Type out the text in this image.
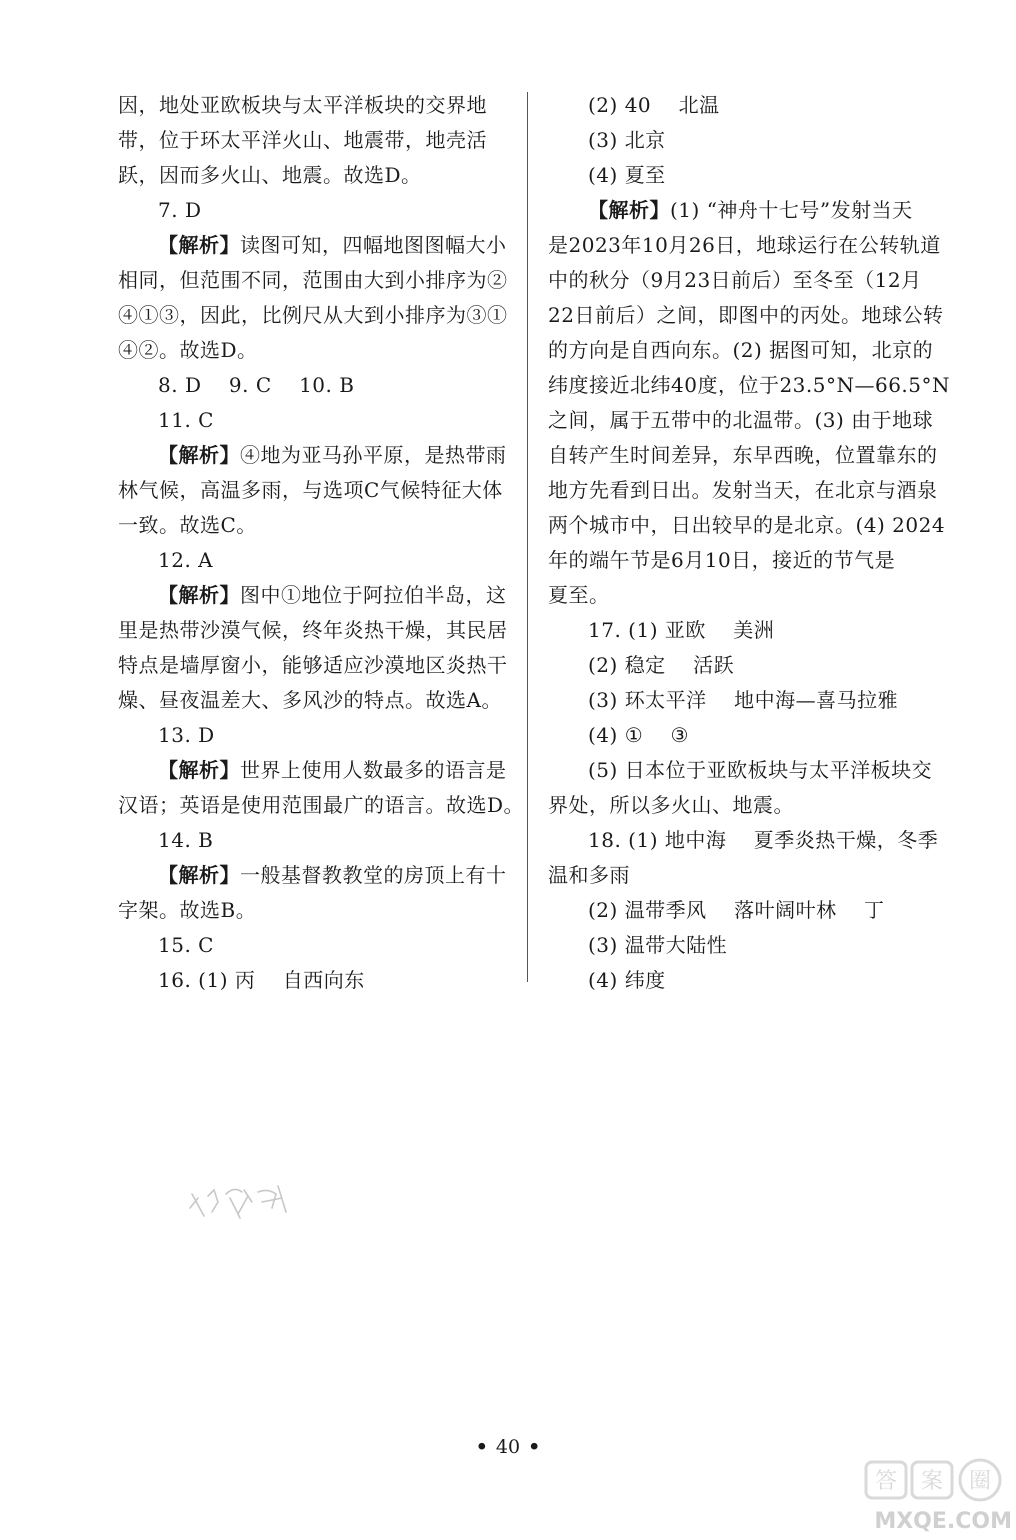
因，地处亚欧板块与太平洋板块的交界地
带，位于环太平洋火山、地震带，地壳活
跃，因而多火山、地震。故选D。
7. D
【解析】读图可知，四幅地图图幅大小
相同，但范围不同，范围由大到小排序为②
④①③，因此，比例尺从大到小排序为③①
④②。故选D。
8. D    9. C    10. B
11. C
【解析】④地为亚马孙平原，是热带雨
林气候，高温多雨，与选项C气候特征大体
一致。故选C。
12. A
【解析】图中①地位于阿拉伯半岛，这
里是热带沙漠气候，终年炎热干燥，其民居
特点是墙厚窗小，能够适应沙漠地区炎热干
燥、昼夜温差大、多风沙的特点。故选A。
13. D
【解析】世界上使用人数最多的语言是
汉语；英语是使用范围最广的语言。故选D。
14. B
【解析】一般基督教教堂的房顶上有十
字架。故选B。
15. C
16. (1) 丙    自西向东
(2) 40    北温
(3) 北京
(4) 夏至
【解析】(1) “神舟十七号”发射当天
是2023年10月26日，地球运行在公转轨道
中的秋分（9月23日前后）至冬至（12月
22日前后）之间，即图中的丙处。地球公转
的方向是自西向东。(2) 据图可知，北京的
纬度接近北纬40度，位于23.5°N—66.5°N
之间，属于五带中的北温带。(3) 由于地球
自转产生时间差异，东早西晚，位置靠东的
地方先看到日出。发射当天，在北京与酒泉
两个城市中，日出较早的是北京。(4) 2024
年的端午节是6月10日，接近的节气是
夏至。
17. (1) 亚欧    美洲
(2) 稳定    活跃
(3) 环太平洋    地中海—喜马拉雅
(4) ①    ③
(5) 日本位于亚欧板块与太平洋板块交
界处，所以多火山、地震。
18. (1) 地中海    夏季炎热干燥，冬季
温和多雨
(2) 温带季风    落叶阔叶林    丁
(3) 温带大陆性
(4) 纬度
• 40 •
答 案 圈
MXQE.COM
